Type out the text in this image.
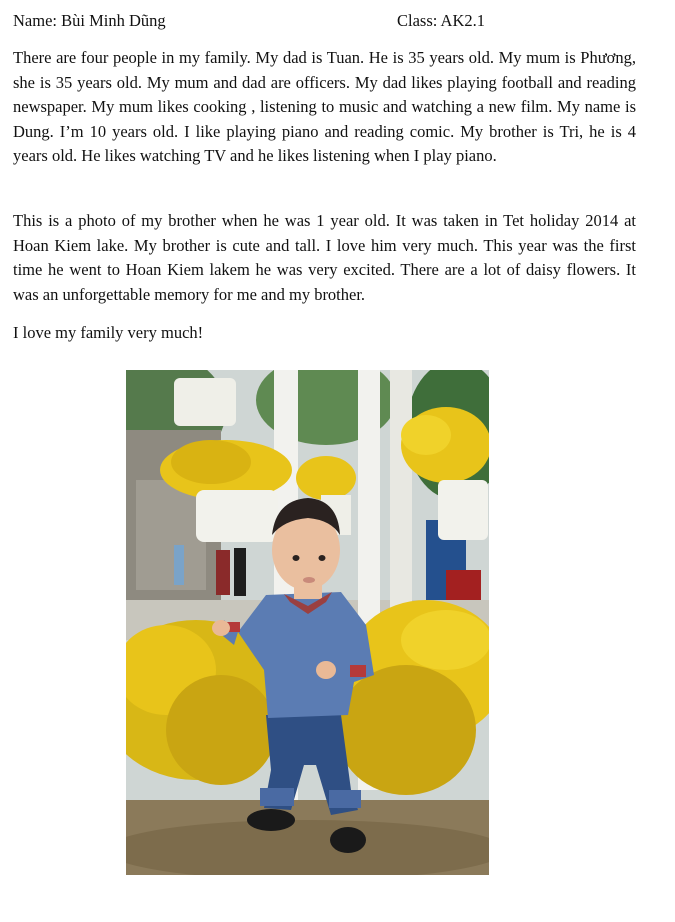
Name: Bùi Minh Dũng	Class: AK2.1

There are four people in my family. My dad is Tuan. He is 35 years old. My mum is Phương, she is 35 years old. My mum and dad are officers. My dad likes playing football and reading newspaper. My mum likes cooking , listening to music and watching a new film. My name is Dung. I’m 10 years old. I like playing piano and reading comic. My brother is Tri, he is 4 years old. He likes watching TV and he likes listening when I play piano.

This is a photo of my brother when he was 1 year old. It was taken in Tet holiday 2014 at Hoan Kiem lake. My brother is cute and tall. I love him very much. This year was the first time he went to Hoan Kiem lakem he was very excited. There are a lot of daisy flowers. It was an unforgettable memory for me and my brother.

I love my family very much!
